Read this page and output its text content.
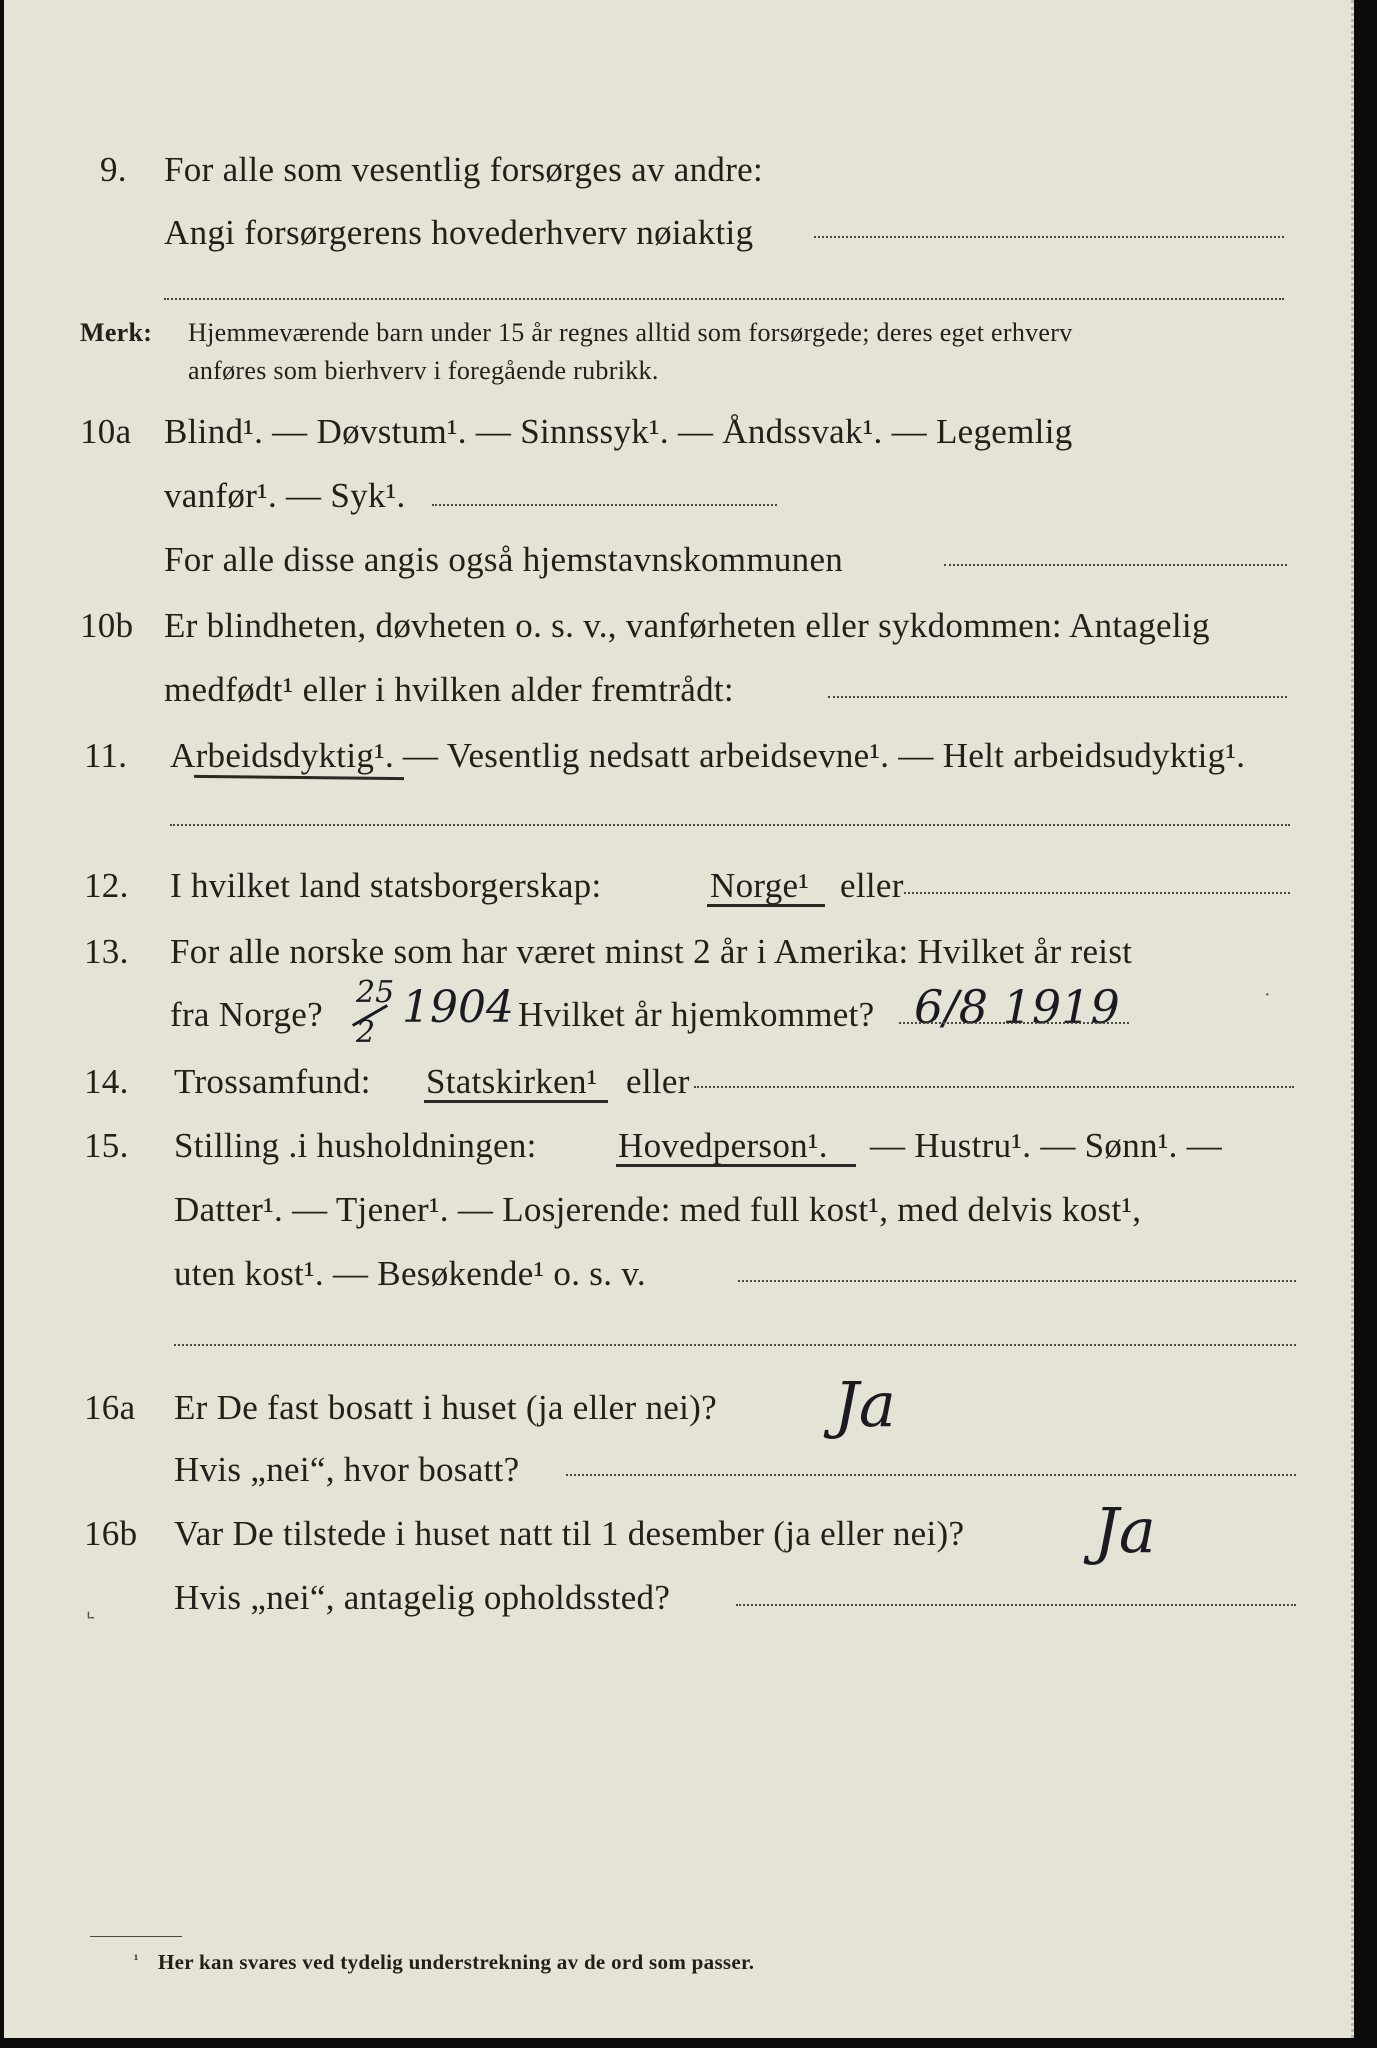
9. For alle som vesentlig forsørges av andre:
Angi forsørgerens hovederhverv nøiaktig
Merk: Hjemmeværende barn under 15 år regnes alltid som forsørgede; deres eget erhverv
anføres som bierhverv i foregående rubrikk.
10a Blind¹. — Døvstum¹. — Sinnssyk¹. — Åndssvak¹. — Legemlig
vanfør¹. — Syk¹.
For alle disse angis også hjemstavnskommunen
10b Er blindheten, døvheten o. s. v., vanførheten eller sykdommen: Antagelig
medfødt¹ eller i hvilken alder fremtrådt:
11. Arbeidsdyktig¹. — Vesentlig nedsatt arbeidsevne¹. — Helt arbeidsudyktig¹.
12. I hvilket land statsborgerskap:	Norge¹ eller
13. For alle norske som har været minst 2 år i Amerika: Hvilket år reist
fra Norge?
25
2 1904 Hvilket år hjemkommet? 6/8 1919	·
14. Trossamfund: Statskirken¹ eller
15. Stilling .i husholdningen: Hovedperson¹. — Hustru¹. — Sønn¹. —
Datter¹. — Tjener¹. — Losjerende: med full kost¹, med delvis kost¹,
uten kost¹. — Besøkende¹ o. s. v.
16a Er De fast bosatt i huset (ja eller nei)? Ja
Hvis „nei“, hvor bosatt?
16b Var De tilstede i huset natt til 1 desember (ja eller nei)? Ja
Hvis „nei“, antagelig opholdssted?
⌞
¹ Her kan svares ved tydelig understrekning av de ord som passer.
